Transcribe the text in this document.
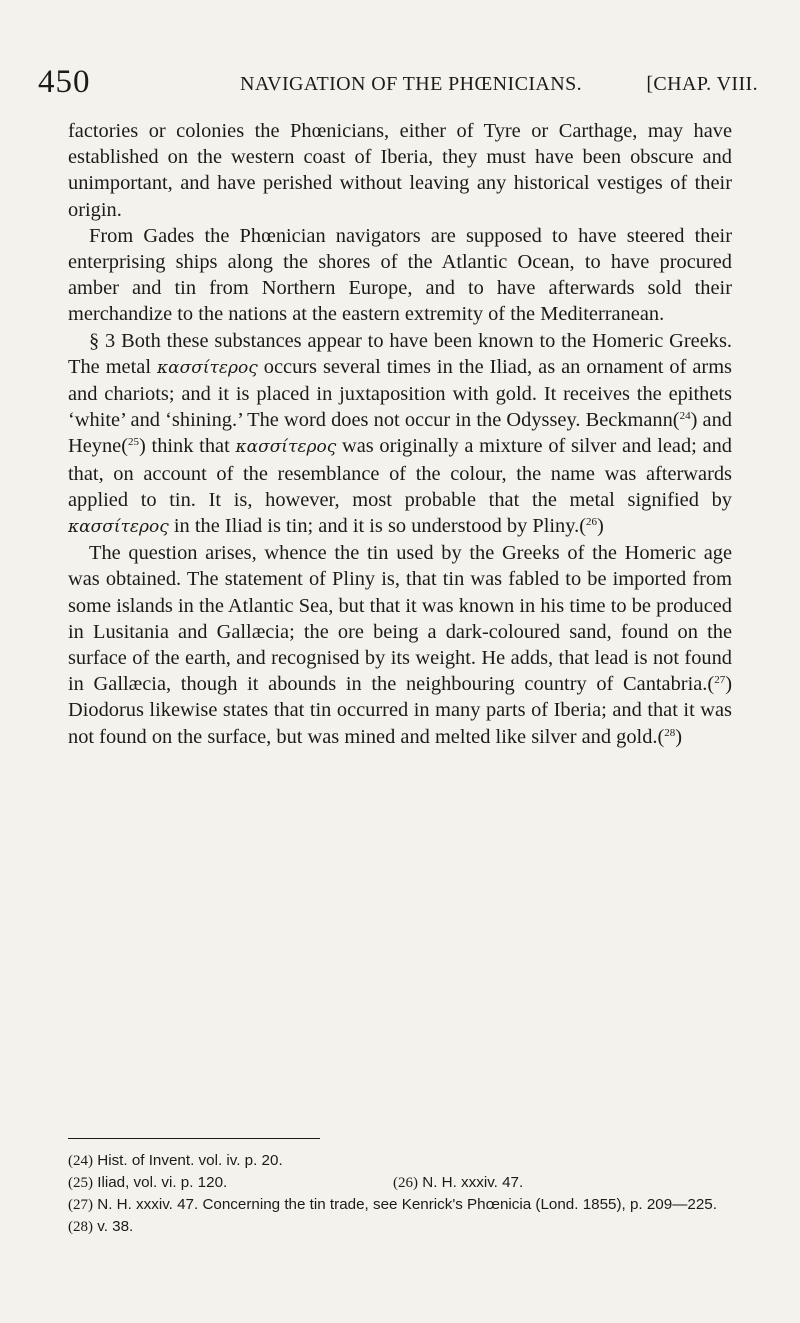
450	NAVIGATION OF THE PHŒNICIANS.	[CHAP. VIII.

factories or colonies the Phœnicians, either of Tyre or Carthage, may have established on the western coast of Iberia, they must have been obscure and unimportant, and have perished without leaving any historical vestiges of their origin.

From Gades the Phœnician navigators are supposed to have steered their enterprising ships along the shores of the Atlantic Ocean, to have procured amber and tin from Northern Europe, and to have afterwards sold their merchandize to the nations at the eastern extremity of the Mediterranean.

§ 3 Both these substances appear to have been known to the Homeric Greeks. The metal κασσίτερος occurs several times in the Iliad, as an ornament of arms and chariots; and it is placed in juxtaposition with gold. It receives the epithets ‘white’ and ‘shining.’ The word does not occur in the Odyssey. Beckmann($^{24}$) and Heyne($^{25}$) think that κασσίτερος was originally a mixture of silver and lead; and that, on account of the resemblance of the colour, the name was afterwards applied to tin. It is, however, most probable that the metal signified by κασσίτερος in the Iliad is tin; and it is so understood by Pliny.($^{26}$)

The question arises, whence the tin used by the Greeks of the Homeric age was obtained. The statement of Pliny is, that tin was fabled to be imported from some islands in the Atlantic Sea, but that it was known in his time to be produced in Lusitania and Gallæcia; the ore being a dark-coloured sand, found on the surface of the earth, and recognised by its weight. He adds, that lead is not found in Gallæcia, though it abounds in the neighbouring country of Cantabria.($^{27}$) Diodorus likewise states that tin occurred in many parts of Iberia; and that it was not found on the surface, but was mined and melted like silver and gold.($^{28}$)

(24) Hist. of Invent. vol. iv. p. 20.
(25) Iliad, vol. vi. p. 120.	(26) N. H. xxxiv. 47.
(27) N. H. xxxiv. 47. Concerning the tin trade, see Kenrick's Phœnicia (Lond. 1855), p. 209—225.
(28) v. 38.
